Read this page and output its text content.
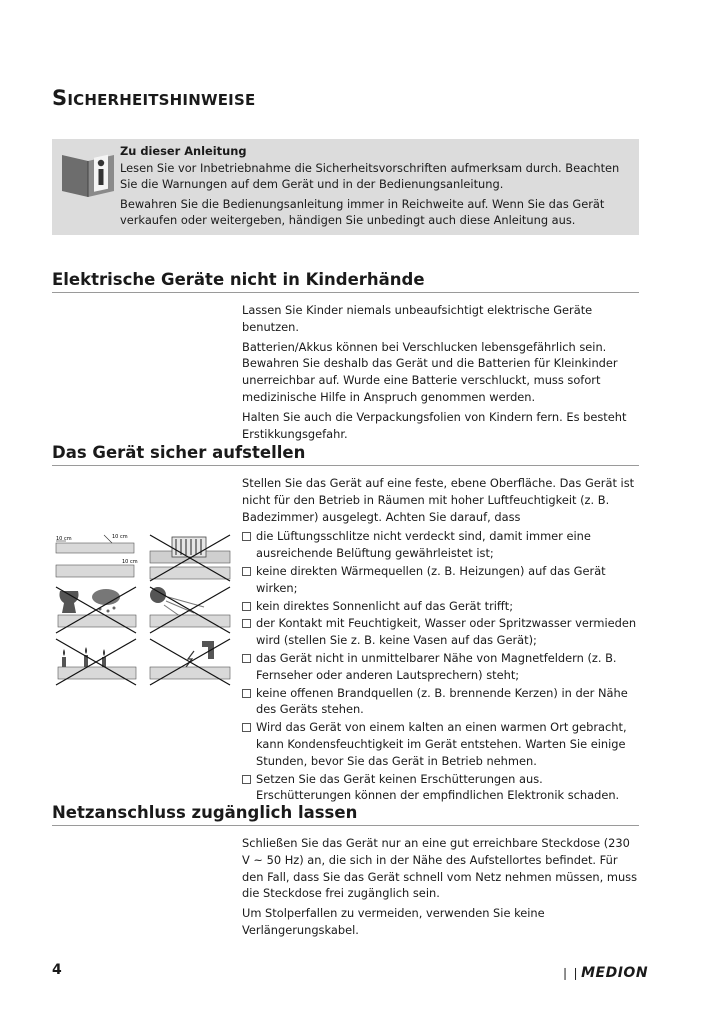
Sicherheitshinweise

Zu dieser Anleitung

Lesen Sie vor Inbetriebnahme die Sicherheitsvorschriften aufmerksam durch. Beachten Sie die Warnungen auf dem Gerät und in der Bedienungsanleitung.

Bewahren Sie die Bedienungsanleitung immer in Reichweite auf. Wenn Sie das Gerät verkaufen oder weitergeben, händigen Sie unbedingt auch diese Anleitung aus.

Elektrische Geräte nicht in Kinderhände

Lassen Sie Kinder niemals unbeaufsichtigt elektrische Geräte benutzen.

Batterien/Akkus können bei Verschlucken lebensgefährlich sein. Bewahren Sie deshalb das Gerät und die Batterien für Kleinkinder unerreichbar auf. Wurde eine Batterie verschluckt, muss sofort medizinische Hilfe in Anspruch genommen werden.

Halten Sie auch die Verpackungsfolien von Kindern fern. Es besteht Erstikkungsgefahr.

Das Gerät sicher aufstellen

Stellen Sie das Gerät auf eine feste, ebene Oberfläche. Das Gerät ist nicht für den Betrieb in Räumen mit hoher Luftfeuchtigkeit (z. B. Badezimmer) ausgelegt. Achten Sie darauf, dass

die Lüftungsschlitze nicht verdeckt sind, damit immer eine ausreichende Belüftung gewährleistet ist;
keine direkten Wärmequellen (z. B. Heizungen) auf das Gerät wirken;
kein direktes Sonnenlicht auf das Gerät trifft;
der Kontakt mit Feuchtigkeit, Wasser oder Spritzwasser vermieden wird (stellen Sie z. B. keine Vasen auf das Gerät);
das Gerät nicht in unmittelbarer Nähe von Magnetfeldern (z. B. Fernseher oder anderen Lautsprechern) steht;
keine offenen Brandquellen (z. B. brennende Kerzen) in der Nähe des Geräts stehen.
Wird das Gerät von einem kalten an einen warmen Ort gebracht, kann Kondensfeuchtigkeit im Gerät entstehen. Warten Sie einige Stunden, bevor Sie das Gerät in Betrieb nehmen.
Setzen Sie das Gerät keinen Erschütterungen aus. Erschütterungen können der empfindlichen Elektronik schaden.
10 cm	10 cm
10 cm
Netzanschluss zugänglich lassen

Schließen Sie das Gerät nur an eine gut erreichbare Steckdose (230 V ~ 50 Hz) an, die sich in der Nähe des Aufstellortes befindet. Für den Fall, dass Sie das Gerät schnell vom Netz nehmen müssen, muss die Steckdose frei zugänglich sein.

Um Stolperfallen zu vermeiden, verwenden Sie keine Verlängerungskabel.

4	❘❘MEDION
